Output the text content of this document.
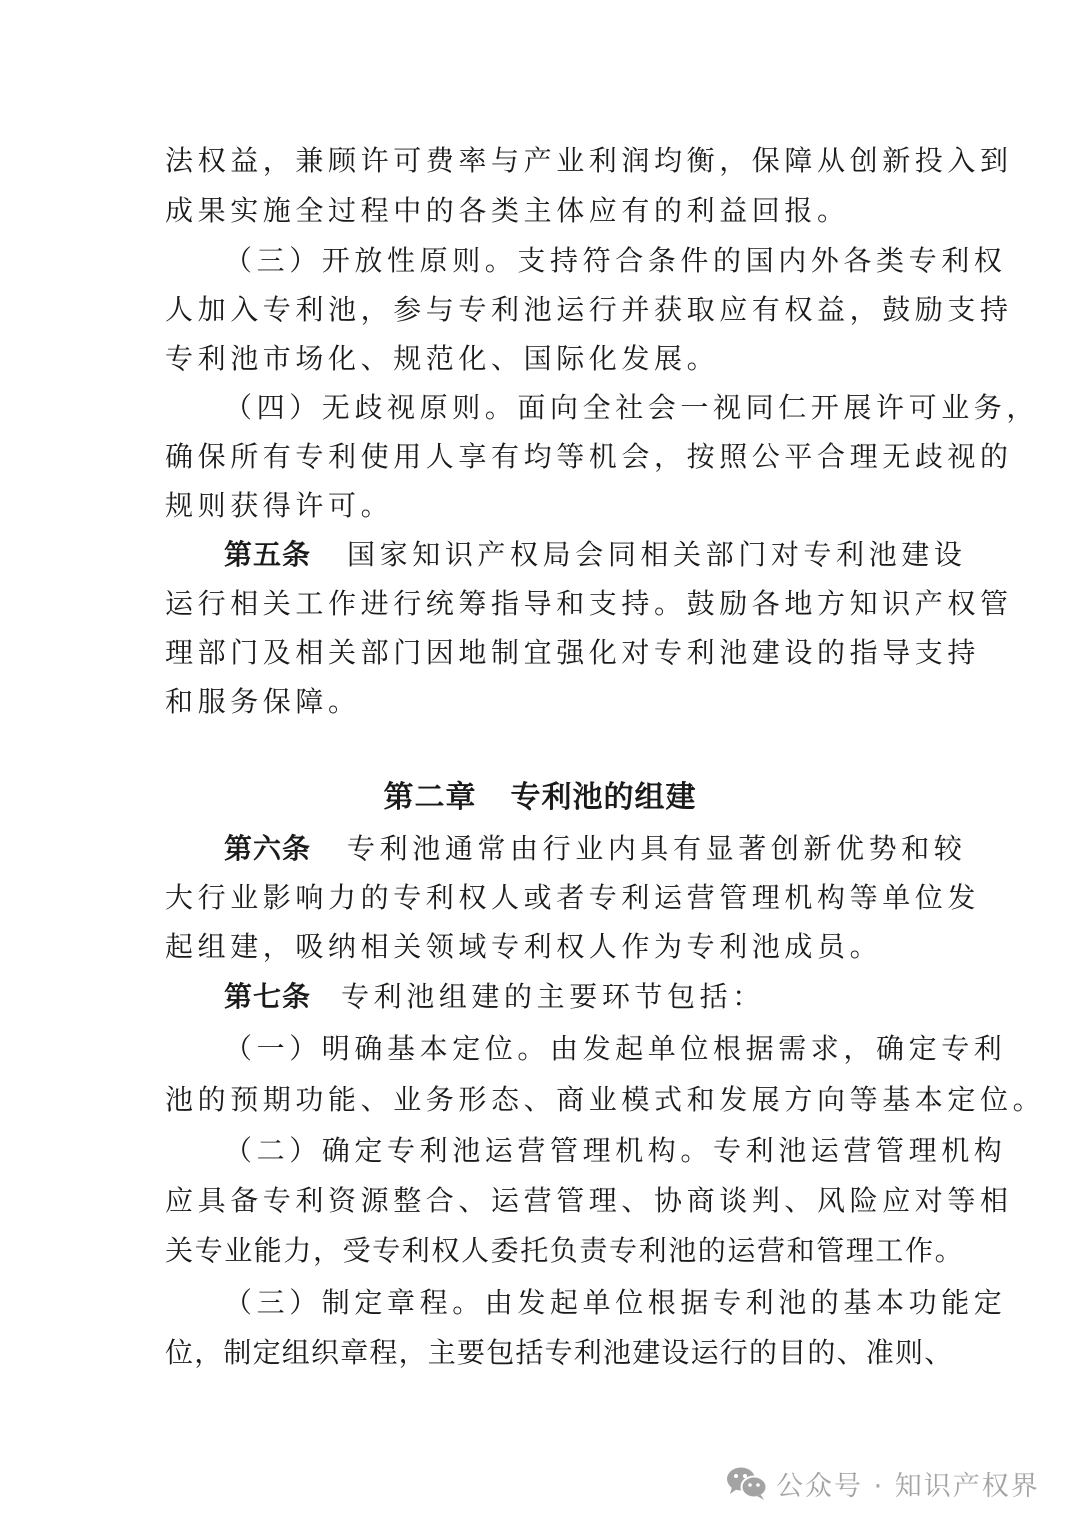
法权益，兼顾许可费率与产业利润均衡，保障从创新投入到
成果实施全过程中的各类主体应有的利益回报。
（三）开放性原则。支持符合条件的国内外各类专利权
人加入专利池，参与专利池运行并获取应有权益，鼓励支持
专利池市场化、规范化、国际化发展。
（四）无歧视原则。面向全社会一视同仁开展许可业务，
确保所有专利使用人享有均等机会，按照公平合理无歧视的
规则获得许可。
第五条 国家知识产权局会同相关部门对专利池建设
运行相关工作进行统筹指导和支持。鼓励各地方知识产权管
理部门及相关部门因地制宜强化对专利池建设的指导支持
和服务保障。
第二章 专利池的组建
第六条 专利池通常由行业内具有显著创新优势和较
大行业影响力的专利权人或者专利运营管理机构等单位发
起组建，吸纳相关领域专利权人作为专利池成员。
第七条 专利池组建的主要环节包括：
（一）明确基本定位。由发起单位根据需求，确定专利
池的预期功能、业务形态、商业模式和发展方向等基本定位。
（二）确定专利池运营管理机构。专利池运营管理机构
应具备专利资源整合、运营管理、协商谈判、风险应对等相
关专业能力，受专利权人委托负责专利池的运营和管理工作。
（三）制定章程。由发起单位根据专利池的基本功能定
位，制定组织章程，主要包括专利池建设运行的目的、准则、
公众号 · 知识产权界
